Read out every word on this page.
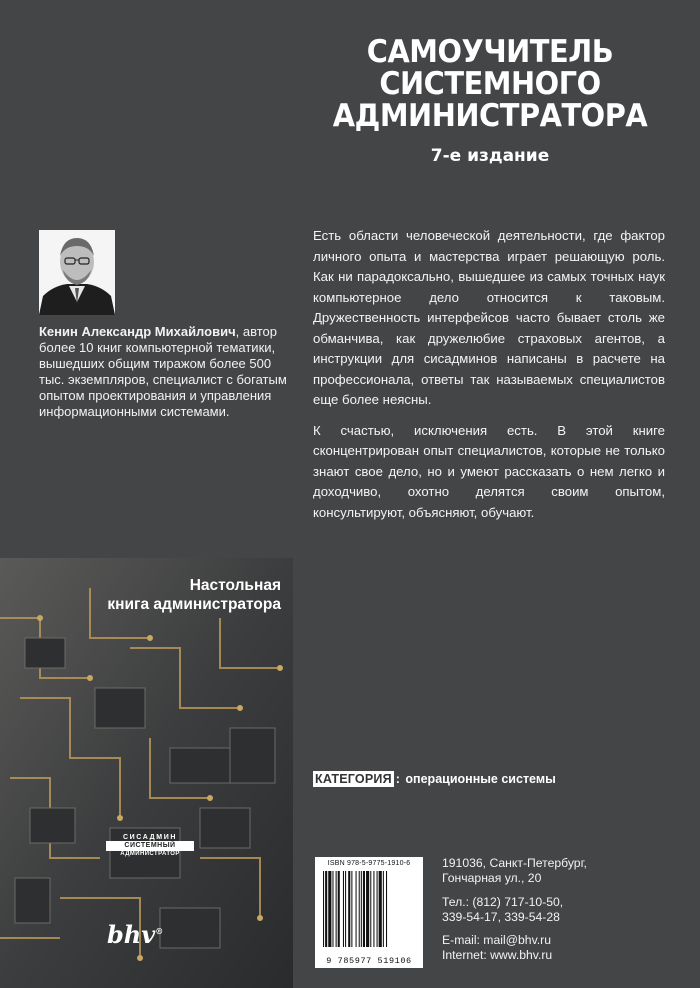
САМОУЧИТЕЛЬ
СИСТЕМНОГО
АДМИНИСТРАТОРА
7-е издание
Кенин Александр Михайлович, автор более 10 книг компьютерной тематики, вышедших общим тиражом более 500 тыс. экземпляров, специалист с богатым опытом проектирования и управления информационными системами.

Есть области человеческой деятельности, где фактор личного опыта и мастерства играет решающую роль. Как ни парадоксально, вышедшее из самых точных наук компьютерное дело относится к таковым. Дружественность интерфейсов часто бывает столь же обманчива, как дружелюбие страховых агентов, а инструкции для сисадминов написаны в расчете на профессионала, ответы так называемых специалистов еще более неясны.

К счастью, исключения есть. В этой книге сконцентрирован опыт специалистов, которые не только знают свое дело, но и умеют рассказать о нем легко и доходчиво, охотно делятся своим опытом, консультируют, объясняют, обучают.

Настольная
книга администратора
СИСАДМИН
СИСТЕМНЫЙ
АДМИНИСТРАТОР
bhv®
КАТЕГОРИЯ : операционные системы
ISBN 978-5-9775-1910-6
9 785977 519106
191036, Санкт-Петербург,
Гончарная ул., 20
Тел.: (812) 717-10-50,
339-54-17, 339-54-28
E-mail: mail@bhv.ru
Internet: www.bhv.ru
